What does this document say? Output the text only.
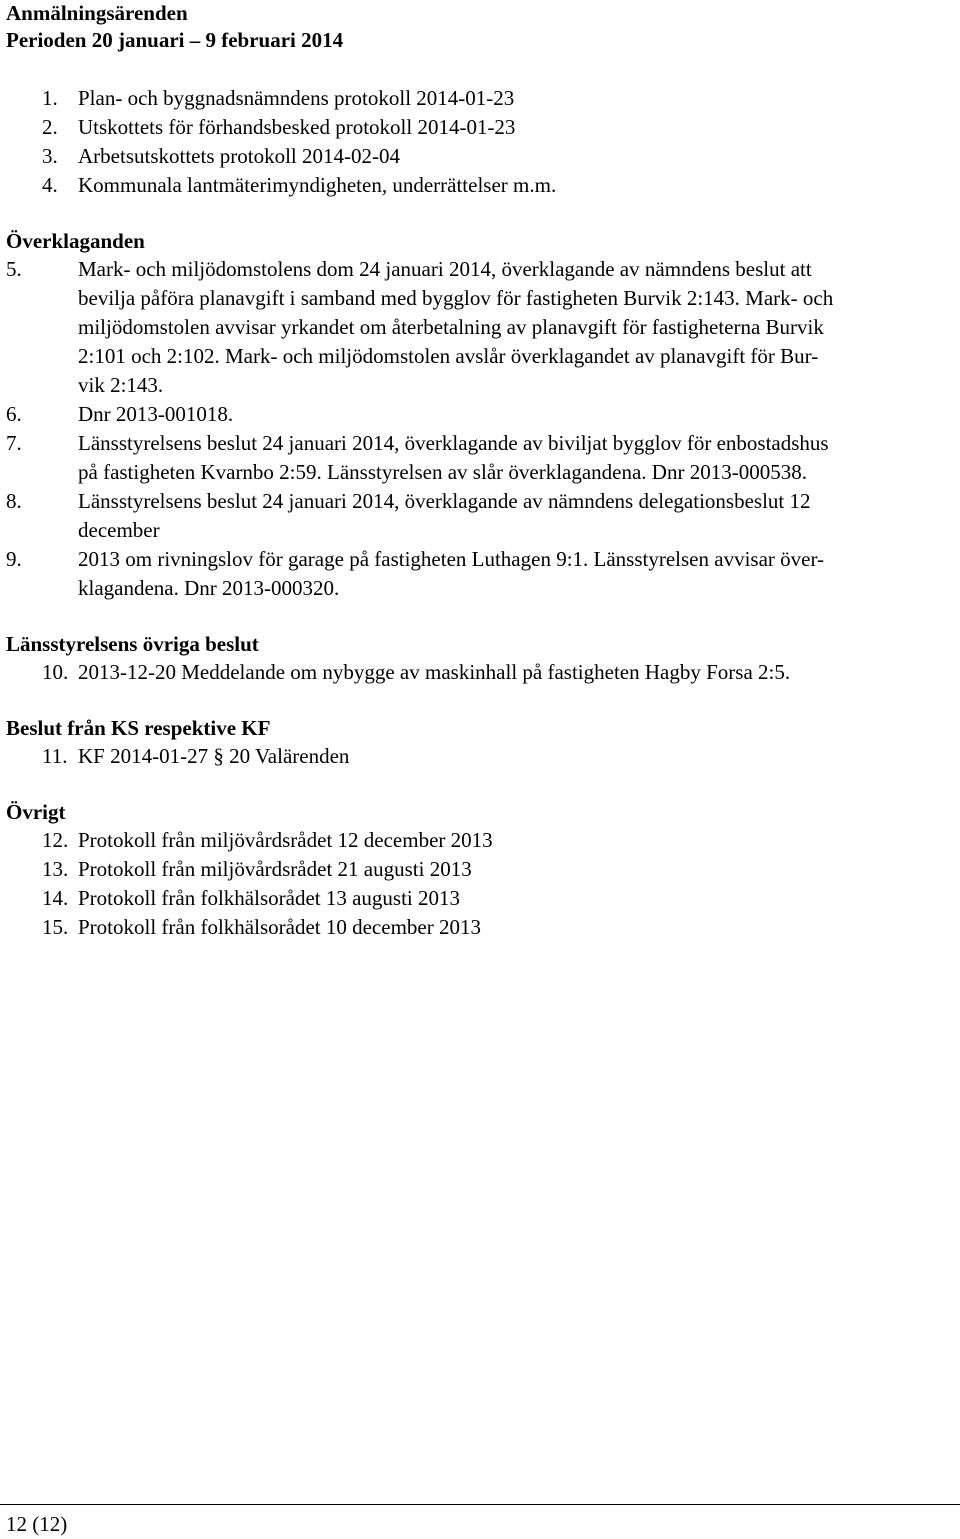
Anmälningsärenden
Perioden 20 januari – 9 februari 2014
1. Plan- och byggnadsnämndens protokoll 2014-01-23
2. Utskottets för förhandsbesked protokoll 2014-01-23
3. Arbetsutskottets protokoll 2014-02-04
4. Kommunala lantmäterimyndigheten, underrättelser m.m.
Överklaganden
5.	Mark- och miljödomstolens dom 24 januari 2014, överklagande av nämndens beslut att
bevilja påföra planavgift i samband med bygglov för fastigheten Burvik 2:143. Mark- och
miljödomstolen avvisar yrkandet om återbetalning av planavgift för fastigheterna Burvik
2:101 och 2:102. Mark- och miljödomstolen avslår överklagandet av planavgift för Bur-
vik 2:143.
6.	Dnr 2013-001018.
7.	Länsstyrelsens beslut 24 januari 2014, överklagande av biviljat bygglov för enbostadshus
på fastigheten Kvarnbo 2:59. Länsstyrelsen av slår överklagandena. Dnr 2013-000538.
8.	Länsstyrelsens beslut 24 januari 2014, överklagande av nämndens delegationsbeslut 12
december
9.	2013 om rivningslov för garage på fastigheten Luthagen 9:1. Länsstyrelsen avvisar över-
klagandena. Dnr 2013-000320.
Länsstyrelsens övriga beslut
10. 2013-12-20 Meddelande om nybygge av maskinhall på fastigheten Hagby Forsa 2:5.
Beslut från KS respektive KF
11. KF 2014-01-27 § 20 Valärenden
Övrigt
12. Protokoll från miljövårdsrådet 12 december 2013
13. Protokoll från miljövårdsrådet 21 augusti 2013
14. Protokoll från folkhälsorådet 13 augusti 2013
15. Protokoll från folkhälsorådet 10 december 2013
12 (12)
